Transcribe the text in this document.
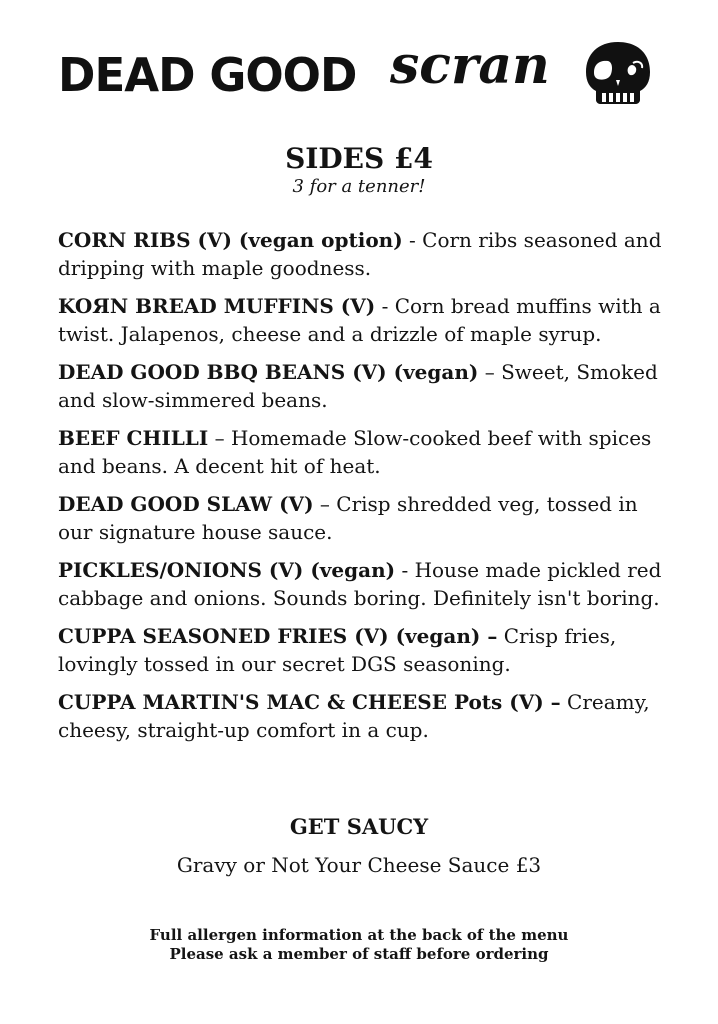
DEAD GOOD scran
SIDES £4
3 for a tenner!
CORN RIBS (V) (vegan option) - Corn ribs seasoned and dripping with maple goodness.
KOЯN BREAD MUFFINS (V) - Corn bread muffins with a twist. Jalapenos, cheese and a drizzle of maple syrup.
DEAD GOOD BBQ BEANS (V) (vegan) – Sweet, Smoked and slow-simmered beans.
BEEF CHILLI – Homemade Slow-cooked beef with spices and beans. A decent hit of heat.
DEAD GOOD SLAW (V) – Crisp shredded veg, tossed in our signature house sauce.
PICKLES/ONIONS (V) (vegan) - House made pickled red cabbage and onions. Sounds boring. Definitely isn't boring.
CUPPA SEASONED FRIES (V) (vegan) – Crisp fries, lovingly tossed in our secret DGS seasoning.
CUPPA MARTIN'S MAC & CHEESE Pots (V) – Creamy, cheesy, straight-up comfort in a cup.
GET SAUCY
Gravy or Not Your Cheese Sauce £3
Full allergen information at the back of the menu
Please ask a member of staff before ordering
